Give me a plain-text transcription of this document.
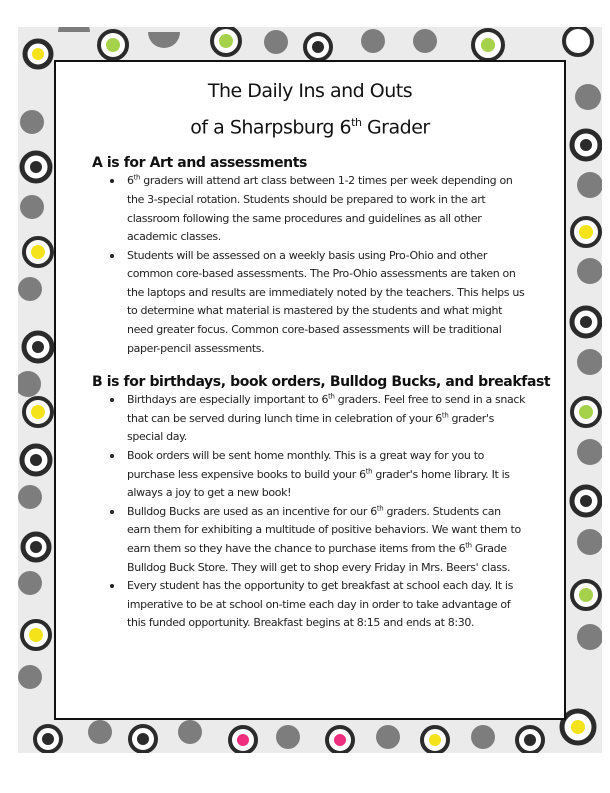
The Daily Ins and Outs
of a Sharpsburg 6th Grader
A is for Art and assessments
6th graders will attend art class between 1-2 times per week depending on the 3-special rotation. Students should be prepared to work in the art classroom following the same procedures and guidelines as all other academic classes.
Students will be assessed on a weekly basis using Pro-Ohio and other common core-based assessments. The Pro-Ohio assessments are taken on the laptops and results are immediately noted by the teachers. This helps us to determine what material is mastered by the students and what might need greater focus. Common core-based assessments will be traditional paper-pencil assessments.
B is for birthdays, book orders, Bulldog Bucks, and breakfast
Birthdays are especially important to 6th graders. Feel free to send in a snack that can be served during lunch time in celebration of your 6th grader's special day.
Book orders will be sent home monthly. This is a great way for you to purchase less expensive books to build your 6th grader's home library. It is always a joy to get a new book!
Bulldog Bucks are used as an incentive for our 6th graders. Students can earn them for exhibiting a multitude of positive behaviors. We want them to earn them so they have the chance to purchase items from the 6th Grade Bulldog Buck Store. They will get to shop every Friday in Mrs. Beers' class.
Every student has the opportunity to get breakfast at school each day. It is imperative to be at school on-time each day in order to take advantage of this funded opportunity. Breakfast begins at 8:15 and ends at 8:30.
